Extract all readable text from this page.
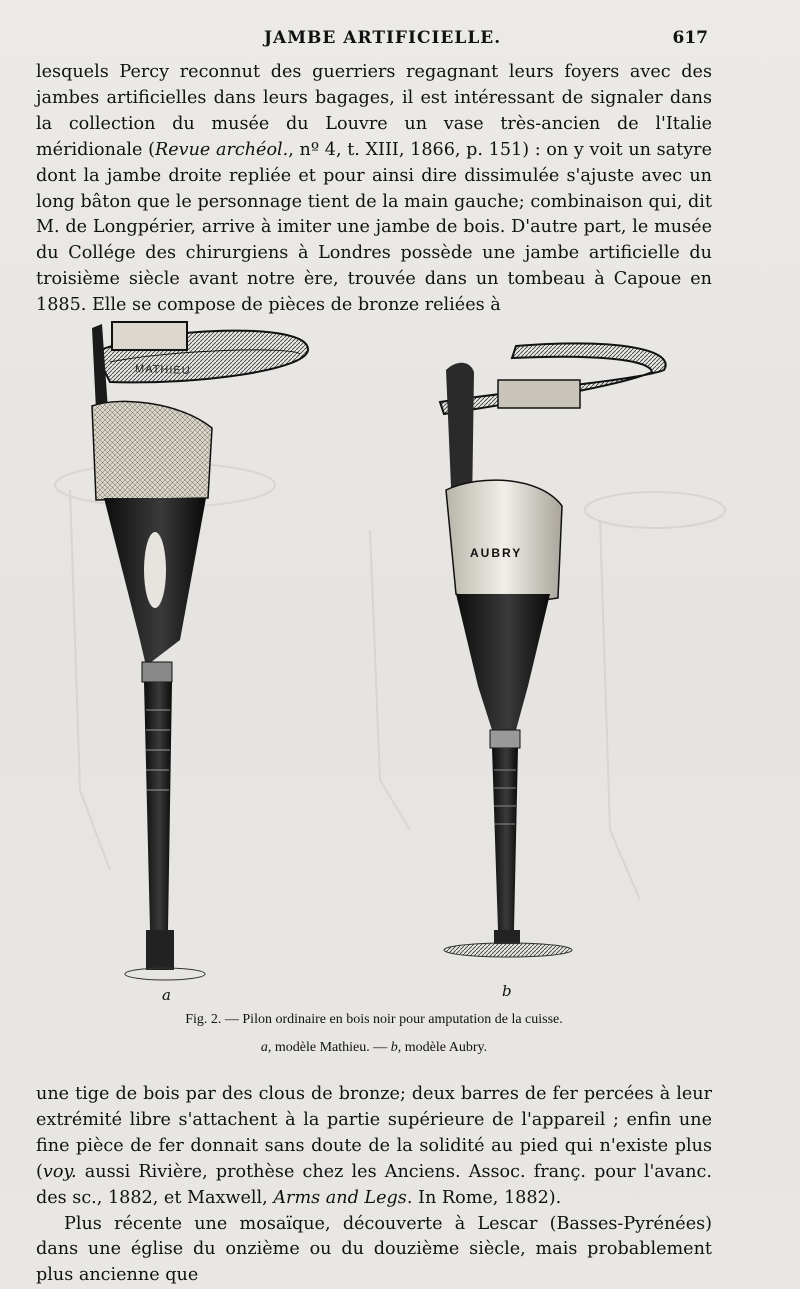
JAMBE ARTIFICIELLE.	617

lesquels Percy reconnut des guerriers regagnant leurs foyers avec des jambes artificielles dans leurs bagages, il est intéressant de signaler dans la collection du musée du Louvre un vase très-ancien de l'Italie méridionale (Revue archéol., nº 4, t. XIII, 1866, p. 151) : on y voit un satyre dont la jambe droite repliée et pour ainsi dire dissimulée s'ajuste avec un long bâton que le personnage tient de la main gauche; combinaison qui, dit M. de Longpérier, arrive à imiter une jambe de bois. D'autre part, le musée du Collége des chirurgiens à Londres possède une jambe artificielle du troisième siècle avant notre ère, trouvée dans un tombeau à Capoue en 1885. Elle se compose de pièces de bronze reliées à

MATHIEU
AUBRY
a	b
Fig. 2. — Pilon ordinaire en bois noir pour amputation de la cuisse.
a, modèle Mathieu. — b, modèle Aubry.

une tige de bois par des clous de bronze; deux barres de fer percées à leur extrémité libre s'attachent à la partie supérieure de l'appareil ; enfin une fine pièce de fer donnait sans doute de la solidité au pied qui n'existe plus (voy. aussi Rivière, prothèse chez les Anciens. Assoc. franç. pour l'avanc. des sc., 1882, et Maxwell, Arms and Legs. In Rome, 1882).

Plus récente une mosaïque, découverte à Lescar (Basses-Pyrénées) dans une église du onzième ou du douzième siècle, mais probablement plus ancienne que
